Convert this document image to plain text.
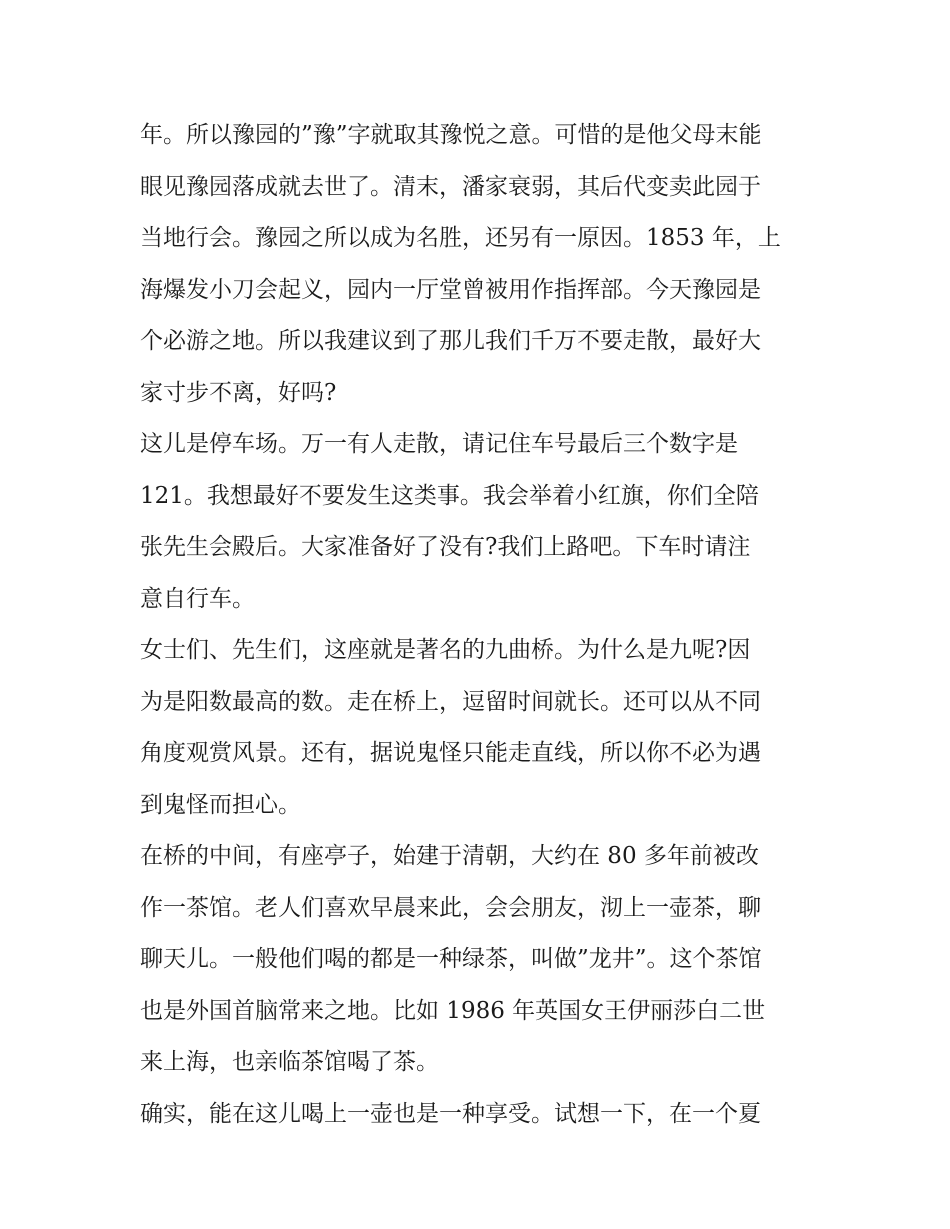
年。所以豫园的”豫”字就取其豫悦之意。可惜的是他父母末能
眼见豫园落成就去世了。清末，潘家衰弱，其后代变卖此园于
当地行会。豫园之所以成为名胜，还另有一原因。1853 年，上
海爆发小刀会起义，园内一厅堂曾被用作指挥部。今天豫园是
个必游之地。所以我建议到了那儿我们千万不要走散，最好大
家寸步不离，好吗?
这儿是停车场。万一有人走散，请记住车号最后三个数字是
121。我想最好不要发生这类事。我会举着小红旗，你们全陪
张先生会殿后。大家准备好了没有?我们上路吧。下车时请注
意自行车。
女士们、先生们，这座就是著名的九曲桥。为什么是九呢?因
为是阳数最高的数。走在桥上，逗留时间就长。还可以从不同
角度观赏风景。还有，据说鬼怪只能走直线，所以你不必为遇
到鬼怪而担心。
在桥的中间，有座亭子，始建于清朝，大约在 80 多年前被改
作一茶馆。老人们喜欢早晨来此，会会朋友，沏上一壶茶，聊
聊天儿。一般他们喝的都是一种绿茶，叫做”龙井”。这个茶馆
也是外国首脑常来之地。比如 1986 年英国女王伊丽莎白二世
来上海，也亲临茶馆喝了茶。
确实，能在这儿喝上一壶也是一种享受。试想一下，在一个夏
